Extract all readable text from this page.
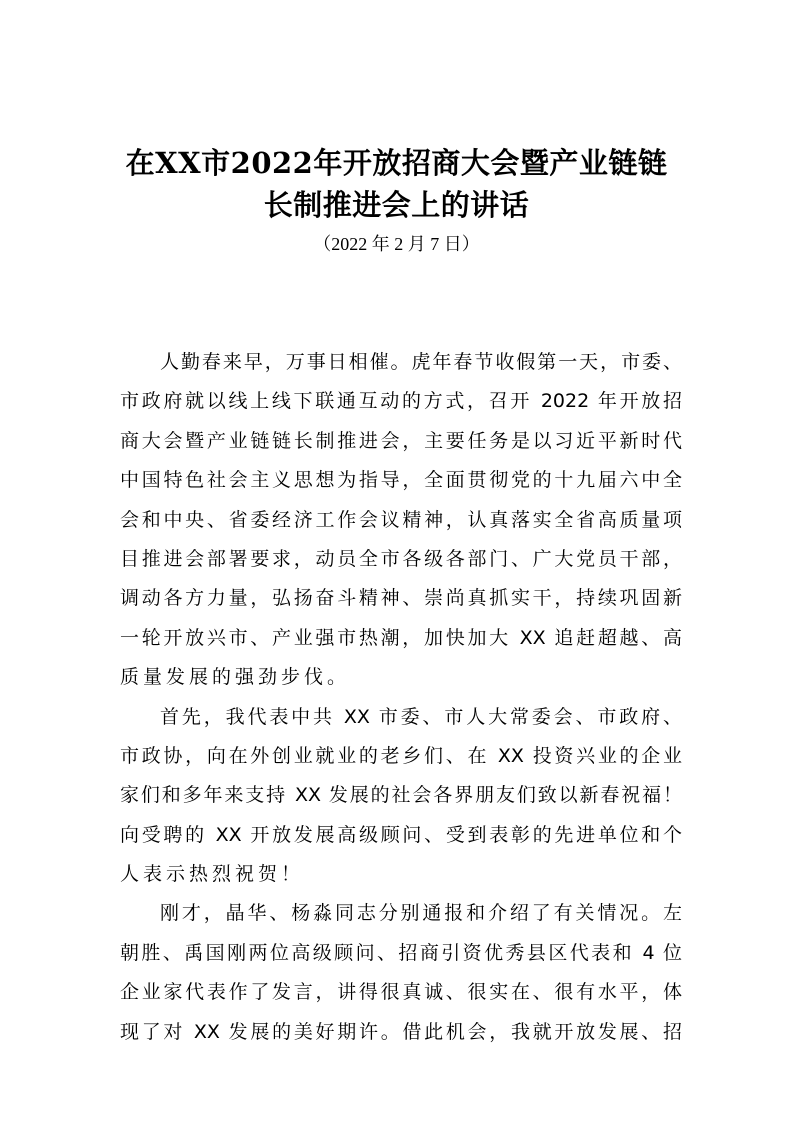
在XX市2022年开放招商大会暨产业链链
长制推进会上的讲话
（2022 年 2 月 7 日）
人勤春来早，万事日相催。虎年春节收假第一天，市委、
市政府就以线上线下联通互动的方式，召开 2022 年开放招
商大会暨产业链链长制推进会，主要任务是以习近平新时代
中国特色社会主义思想为指导，全面贯彻党的十九届六中全
会和中央、省委经济工作会议精神，认真落实全省高质量项
目推进会部署要求，动员全市各级各部门、广大党员干部，
调动各方力量，弘扬奋斗精神、崇尚真抓实干，持续巩固新
一轮开放兴市、产业强市热潮，加快加大 XX 追赶超越、高
质量发展的强劲步伐。
首先，我代表中共 XX 市委、市人大常委会、市政府、
市政协，向在外创业就业的老乡们、在 XX 投资兴业的企业
家们和多年来支持 XX 发展的社会各界朋友们致以新春祝福！
向受聘的 XX 开放发展高级顾问、受到表彰的先进单位和个
人表示热烈祝贺！
刚才，晶华、杨淼同志分别通报和介绍了有关情况。左
朝胜、禹国刚两位高级顾问、招商引资优秀县区代表和 4 位
企业家代表作了发言，讲得很真诚、很实在、很有水平，体
现了对 XX 发展的美好期许。借此机会，我就开放发展、招
